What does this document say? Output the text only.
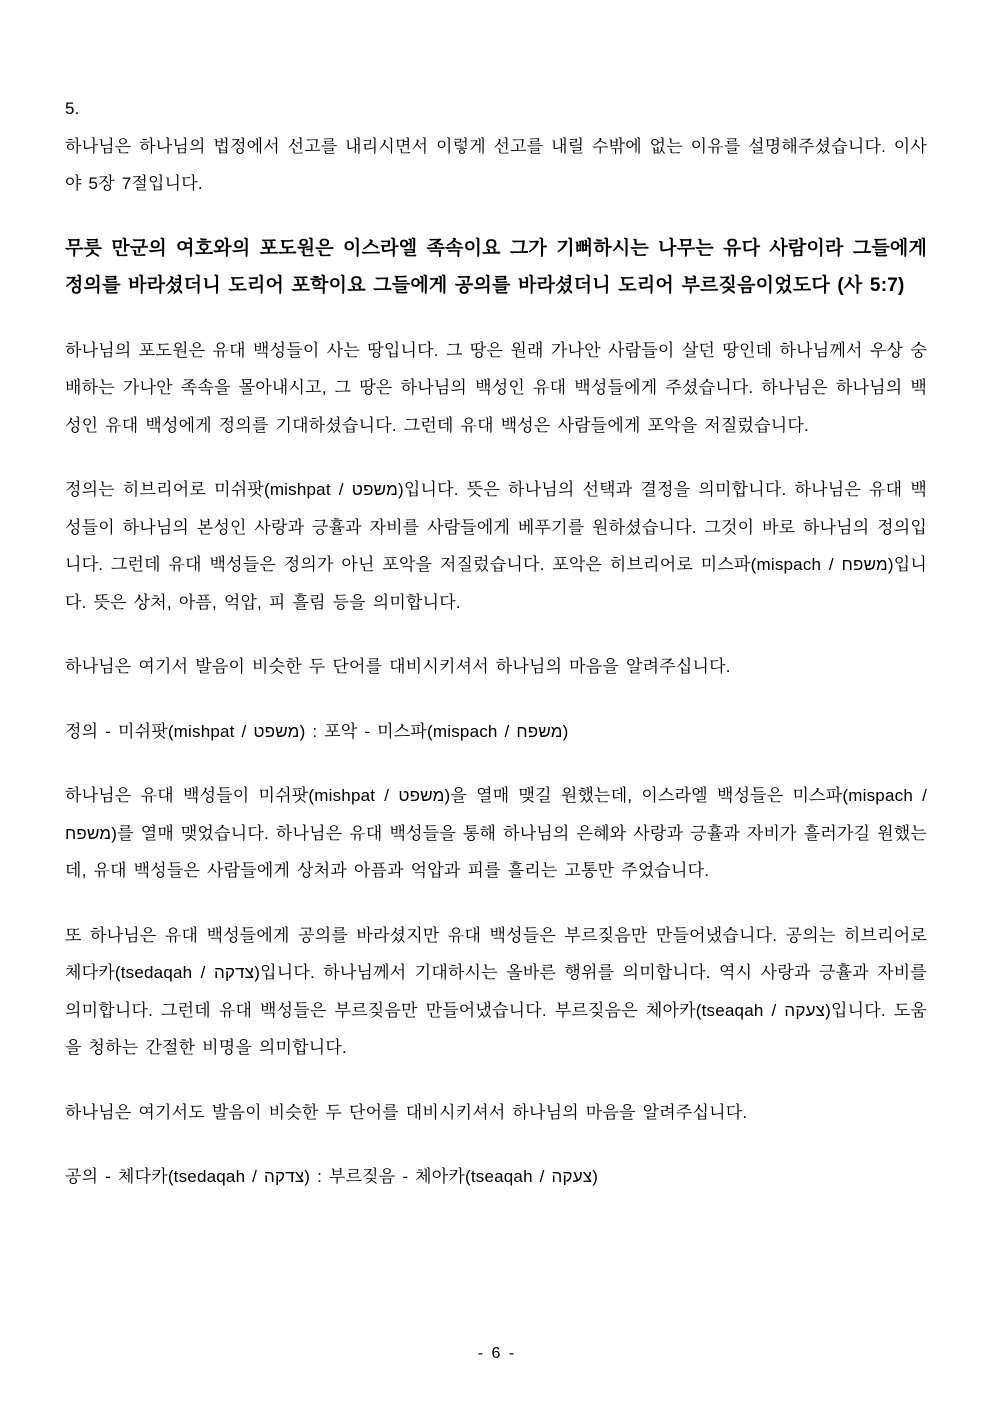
5.

하나님은 하나님의 법정에서 선고를 내리시면서 이렇게 선고를 내릴 수밖에 없는 이유를 설명해주셨습니다. 이사야 5장 7절입니다.

무릇 만군의 여호와의 포도원은 이스라엘 족속이요 그가 기뻐하시는 나무는 유다 사람이라 그들에게 정의를 바라셨더니 도리어 포학이요 그들에게 공의를 바라셨더니 도리어 부르짖음이었도다 (사 5:7)

하나님의 포도원은 유대 백성들이 사는 땅입니다. 그 땅은 원래 가나안 사람들이 살던 땅인데 하나님께서 우상 숭배하는 가나안 족속을 몰아내시고, 그 땅은 하나님의 백성인 유대 백성들에게 주셨습니다. 하나님은 하나님의 백성인 유대 백성에게 정의를 기대하셨습니다. 그런데 유대 백성은 사람들에게 포악을 저질렀습니다.

정의는 히브리어로 미쉬팟(mishpat / משפט)입니다. 뜻은 하나님의 선택과 결정을 의미합니다. 하나님은 유대 백성들이 하나님의 본성인 사랑과 긍휼과 자비를 사람들에게 베푸기를 원하셨습니다. 그것이 바로 하나님의 정의입니다. 그런데 유대 백성들은 정의가 아닌 포악을 저질렀습니다. 포악은 히브리어로 미스파(mispach / משפח)입니다. 뜻은 상처, 아픔, 억압, 피 흘림 등을 의미합니다.

하나님은 여기서 발음이 비슷한 두 단어를 대비시키셔서 하나님의 마음을 알려주십니다.

정의 - 미쉬팟(mishpat / משפט) : 포악 - 미스파(mispach / משפח)

하나님은 유대 백성들이 미쉬팟(mishpat / משפט)을 열매 맺길 원했는데, 이스라엘 백성들은 미스파(mispach / משפח)를 열매 맺었습니다. 하나님은 유대 백성들을 통해 하나님의 은혜와 사랑과 긍휼과 자비가 흘러가길 원했는데, 유대 백성들은 사람들에게 상처과 아픔과 억압과 피를 흘리는 고통만 주었습니다.

또 하나님은 유대 백성들에게 공의를 바라셨지만 유대 백성들은 부르짖음만 만들어냈습니다. 공의는 히브리어로 체다카(tsedaqah / צדקה)입니다. 하나님께서 기대하시는 올바른 행위를 의미합니다. 역시 사랑과 긍휼과 자비를 의미합니다. 그런데 유대 백성들은 부르짖음만 만들어냈습니다. 부르짖음은 체아카(tseaqah / צעקה)입니다. 도움을 청하는 간절한 비명을 의미합니다.

하나님은 여기서도 발음이 비슷한 두 단어를 대비시키셔서 하나님의 마음을 알려주십니다.

공의 - 체다카(tsedaqah / צדקה) : 부르짖음 - 체아카(tseaqah / צעקה)

- 6 -
